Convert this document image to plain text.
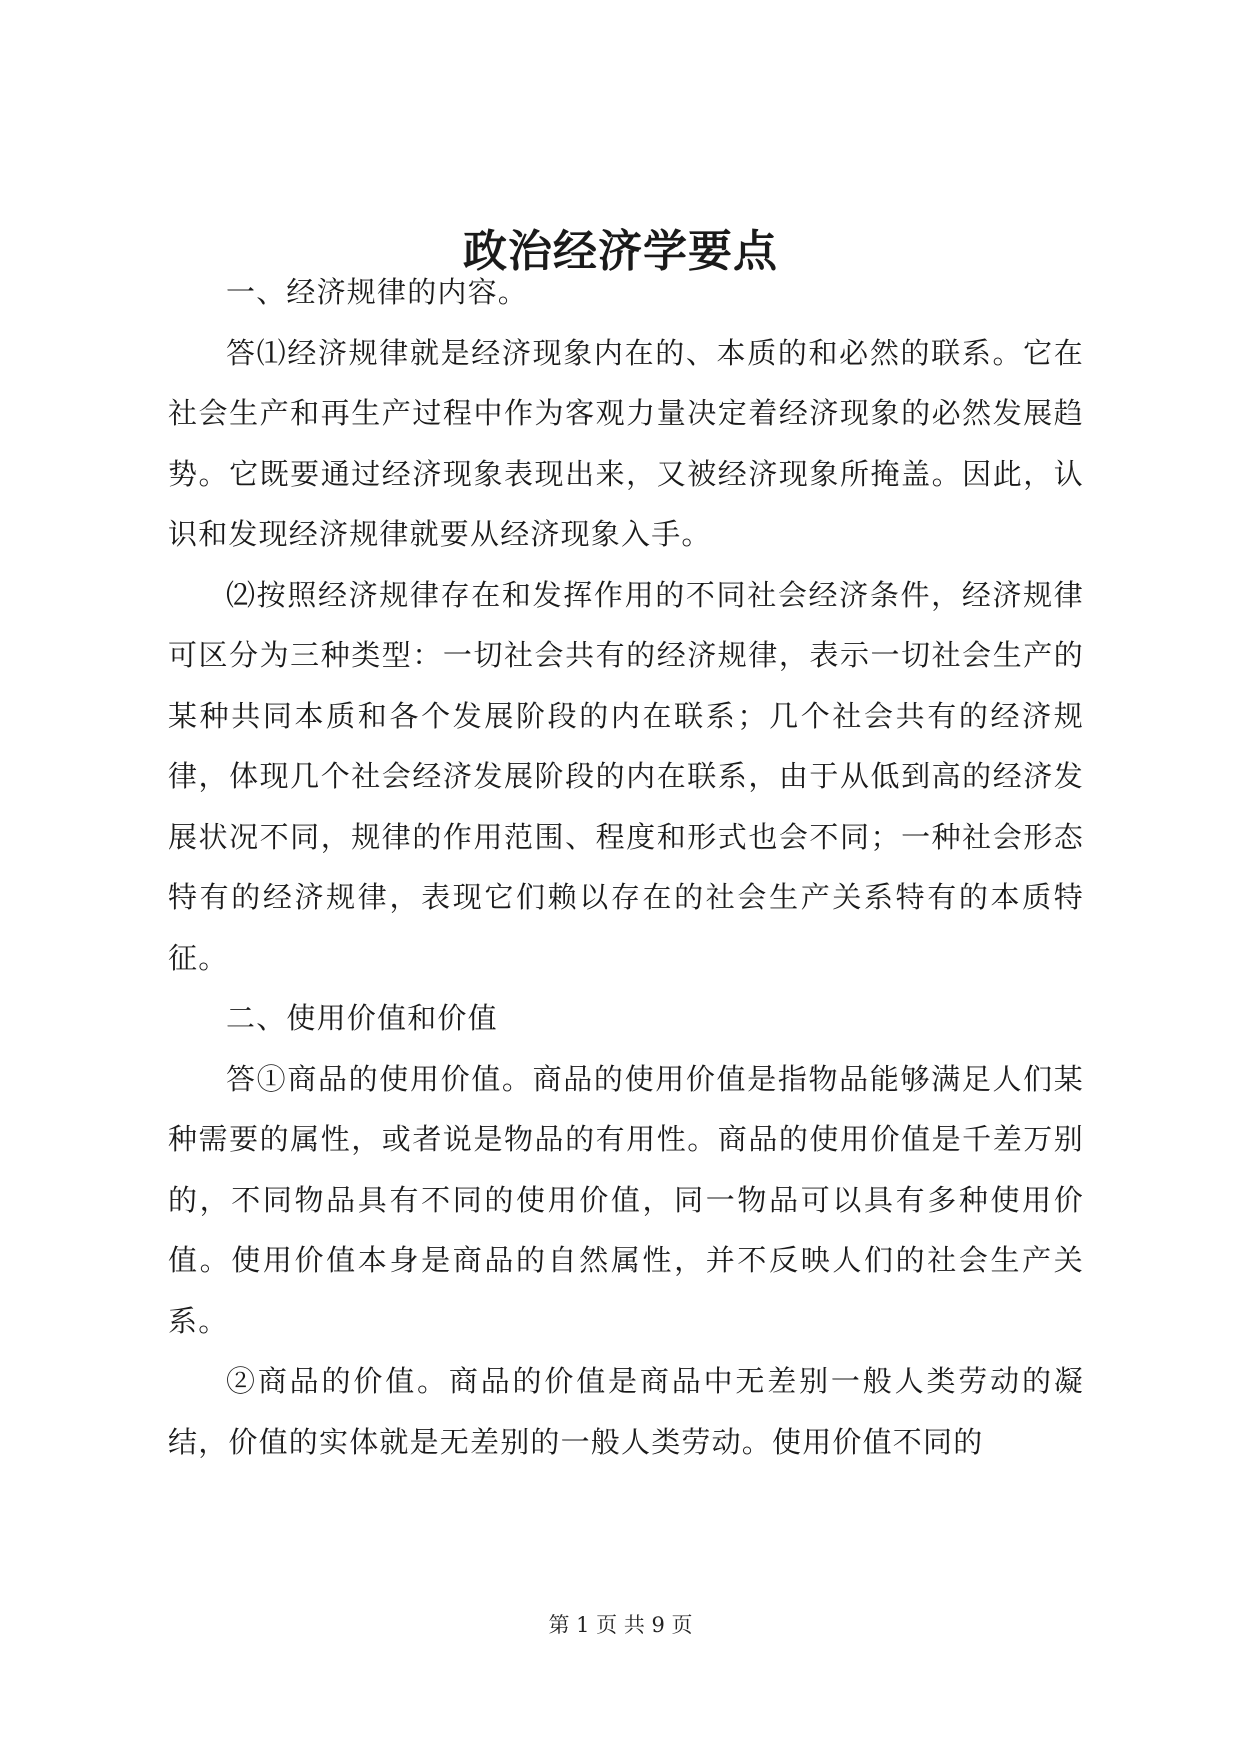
政治经济学要点

一、经济规律的内容。

答⑴经济规律就是经济现象内在的、本质的和必然的联系。它在社会生产和再生产过程中作为客观力量决定着经济现象的必然发展趋势。它既要通过经济现象表现出来，又被经济现象所掩盖。因此，认识和发现经济规律就要从经济现象入手。

⑵按照经济规律存在和发挥作用的不同社会经济条件，经济规律可区分为三种类型：一切社会共有的经济规律，表示一切社会生产的某种共同本质和各个发展阶段的内在联系；几个社会共有的经济规律，体现几个社会经济发展阶段的内在联系，由于从低到高的经济发展状况不同，规律的作用范围、程度和形式也会不同；一种社会形态特有的经济规律，表现它们赖以存在的社会生产关系特有的本质特征。

二、使用价值和价值

答①商品的使用价值。商品的使用价值是指物品能够满足人们某种需要的属性，或者说是物品的有用性。商品的使用价值是千差万别的，不同物品具有不同的使用价值，同一物品可以具有多种使用价值。使用价值本身是商品的自然属性，并不反映人们的社会生产关系。

②商品的价值。商品的价值是商品中无差别一般人类劳动的凝结，价值的实体就是无差别的一般人类劳动。使用价值不同的

第 1 页 共 9 页
